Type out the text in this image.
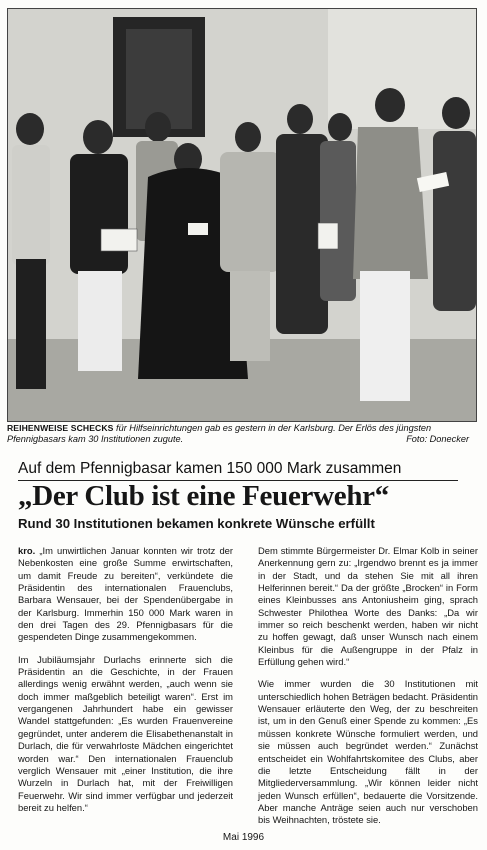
REIHENWEISE SCHECKS für Hilfseinrichtungen gab es gestern in der Karlsburg. Der Erlös des jüngsten Pfennigbasars kam 30 Institutionen zugute.	Foto: Donecker
Auf dem Pfennigbasar kamen 150 000 Mark zusammen
„Der Club ist eine Feuerwehr“
Rund 30 Institutionen bekamen konkrete Wünsche erfüllt

kro. „Im unwirtlichen Januar konnten wir trotz der Nebenkosten eine große Summe erwirtschaften, um damit Freude zu bereiten“, verkündete die Präsidentin des internationalen Frauenclubs, Barbara Wensauer, bei der Spendenübergabe in der Karlsburg. Immerhin 150 000 Mark waren in den drei Tagen des 29. Pfennigbasars für die gespendeten Dinge zusammengekommen.

Im Jubiläumsjahr Durlachs erinnerte sich die Präsidentin an die Geschichte, in der Frauen allerdings wenig erwähnt werden, „auch wenn sie doch immer maßgeblich beteiligt waren“. Erst im vergangenen Jahrhundert habe ein gewisser Wandel stattgefunden: „Es wurden Frauenvereine gegründet, unter anderem die Elisabethenanstalt in Durlach, die für verwahrloste Mädchen eingerichtet worden war.“ Den internationalen Frauenclub verglich Wensauer mit „einer Institution, die ihre Wurzeln in Durlach hat, mit der Freiwilligen Feuerwehr. Wir sind immer verfügbar und jederzeit bereit zu helfen.“

Dem stimmte Bürgermeister Dr. Elmar Kolb in seiner Anerkennung gern zu: „Irgendwo brennt es ja immer in der Stadt, und da stehen Sie mit all ihren Helferinnen bereit.“ Da der größte „Brocken“ in Form eines Kleinbusses ans Antoniusheim ging, sprach Schwester Philothea Worte des Danks: „Da wir immer so reich beschenkt werden, haben wir nicht zu hoffen gewagt, daß unser Wunsch nach einem Kleinbus für die Außengruppe in der Pfalz in Erfüllung gehen wird.“

Wie immer wurden die 30 Institutionen mit unterschiedlich hohen Beträgen bedacht. Präsidentin Wensauer erläuterte den Weg, der zu beschreiten ist, um in den Genuß einer Spende zu kommen: „Es müssen konkrete Wünsche formuliert werden, und sie müssen auch begründet werden.“ Zunächst entscheidet ein Wohlfahrtskomitee des Clubs, aber die letzte Entscheidung fällt in der Mitgliederversammlung. „Wir können leider nicht jeden Wunsch erfüllen“, bedauerte die Vorsitzende. Aber manche Anträge seien auch nur verschoben bis Weihnachten, tröstete sie.

Mai 1996
